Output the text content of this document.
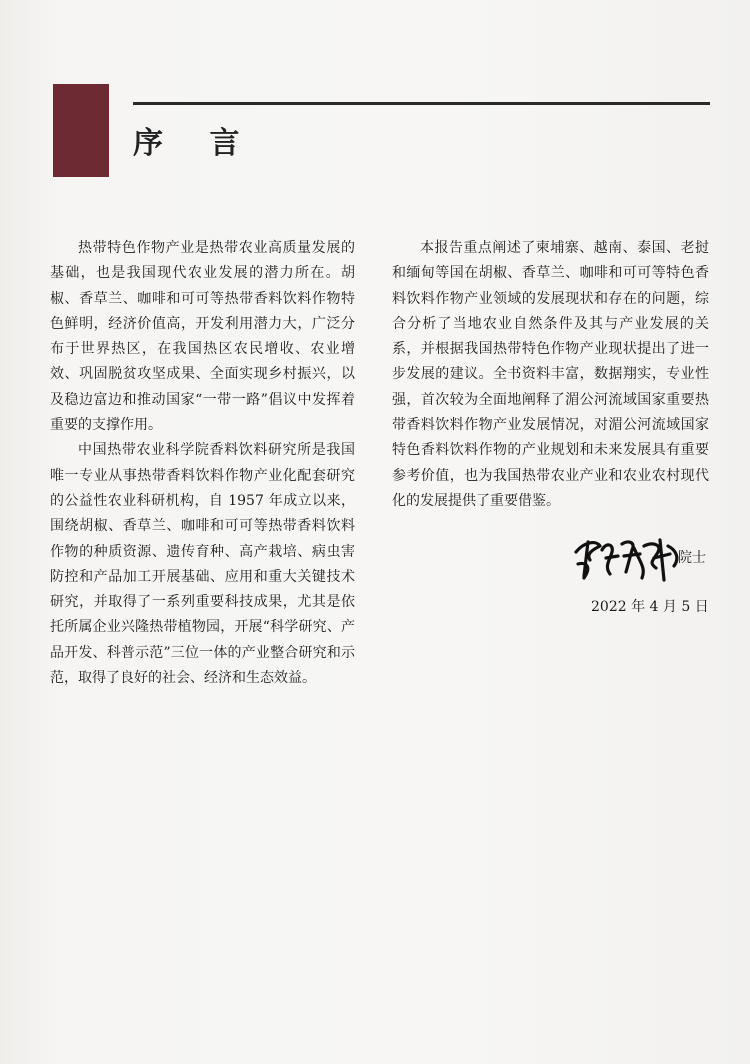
序 言

热带特色作物产业是热带农业高质量发展的基础，也是我国现代农业发展的潜力所在。胡椒、香草兰、咖啡和可可等热带香料饮料作物特色鲜明，经济价值高，开发利用潜力大，广泛分布于世界热区，在我国热区农民增收、农业增效、巩固脱贫攻坚成果、全面实现乡村振兴，以及稳边富边和推动国家“一带一路”倡议中发挥着重要的支撑作用。

中国热带农业科学院香料饮料研究所是我国唯一专业从事热带香料饮料作物产业化配套研究的公益性农业科研机构，自 1957 年成立以来，围绕胡椒、香草兰、咖啡和可可等热带香料饮料作物的种质资源、遗传育种、高产栽培、病虫害防控和产品加工开展基础、应用和重大关键技术研究，并取得了一系列重要科技成果，尤其是依托所属企业兴隆热带植物园，开展“科学研究、产品开发、科普示范”三位一体的产业整合研究和示范，取得了良好的社会、经济和生态效益。

本报告重点阐述了柬埔寨、越南、泰国、老挝和缅甸等国在胡椒、香草兰、咖啡和可可等特色香料饮料作物产业领域的发展现状和存在的问题，综合分析了当地农业自然条件及其与产业发展的关系，并根据我国热带特色作物产业现状提出了进一步发展的建议。全书资料丰富，数据翔实，专业性强，首次较为全面地阐释了湄公河流域国家重要热带香料饮料作物产业发展情况，对湄公河流域国家特色香料饮料作物的产业规划和未来发展具有重要参考价值，也为我国热带农业产业和农业农村现代化的发展提供了重要借鉴。

院士
2022 年 4 月 5 日
